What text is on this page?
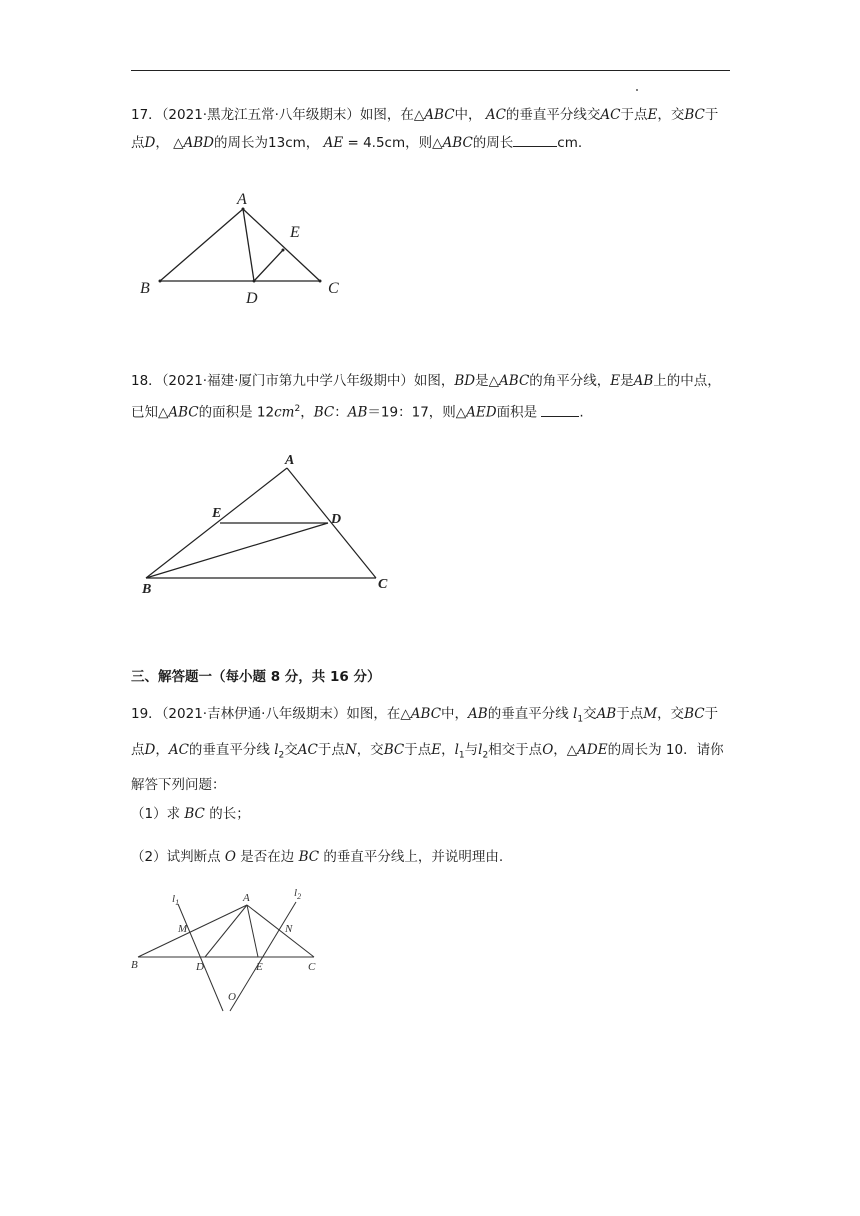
17．（2021·黑龙江五常·八年级期末）如图，在△ABC中， AC的垂直平分线交AC于点E，交BC于点D， △ABD的周长为13cm， AE = 4.5cm，则△ABC的周长	cm.
A
B	C
D
E
18．（2021·福建·厦门市第九中学八年级期中）如图，BD是△ABC的角平分线，E是AB上的中点，已知△ABC的面积是 $12cm^2$，BC：AB＝19：17，则△AED面积是	.
A
B	C
D
E
三、解答题一（每小题 8 分，共 16 分）
19．（2021·吉林伊通·八年级期末）如图，在△ABC中，AB的垂直平分线 $l_1$交AB于点M，交BC于点D，AC的垂直平分线 $l_2$交AC于点N，交BC于点E，$l_1$与$l_2$相交于点O，△ADE的周长为 10．请你解答下列问题：
（1）求 BC 的长；
（2）试判断点 O 是否在边 BC 的垂直平分线上，并说明理由.
A
B	C
D	E
M	N
O
$l_1$
$l_2$
